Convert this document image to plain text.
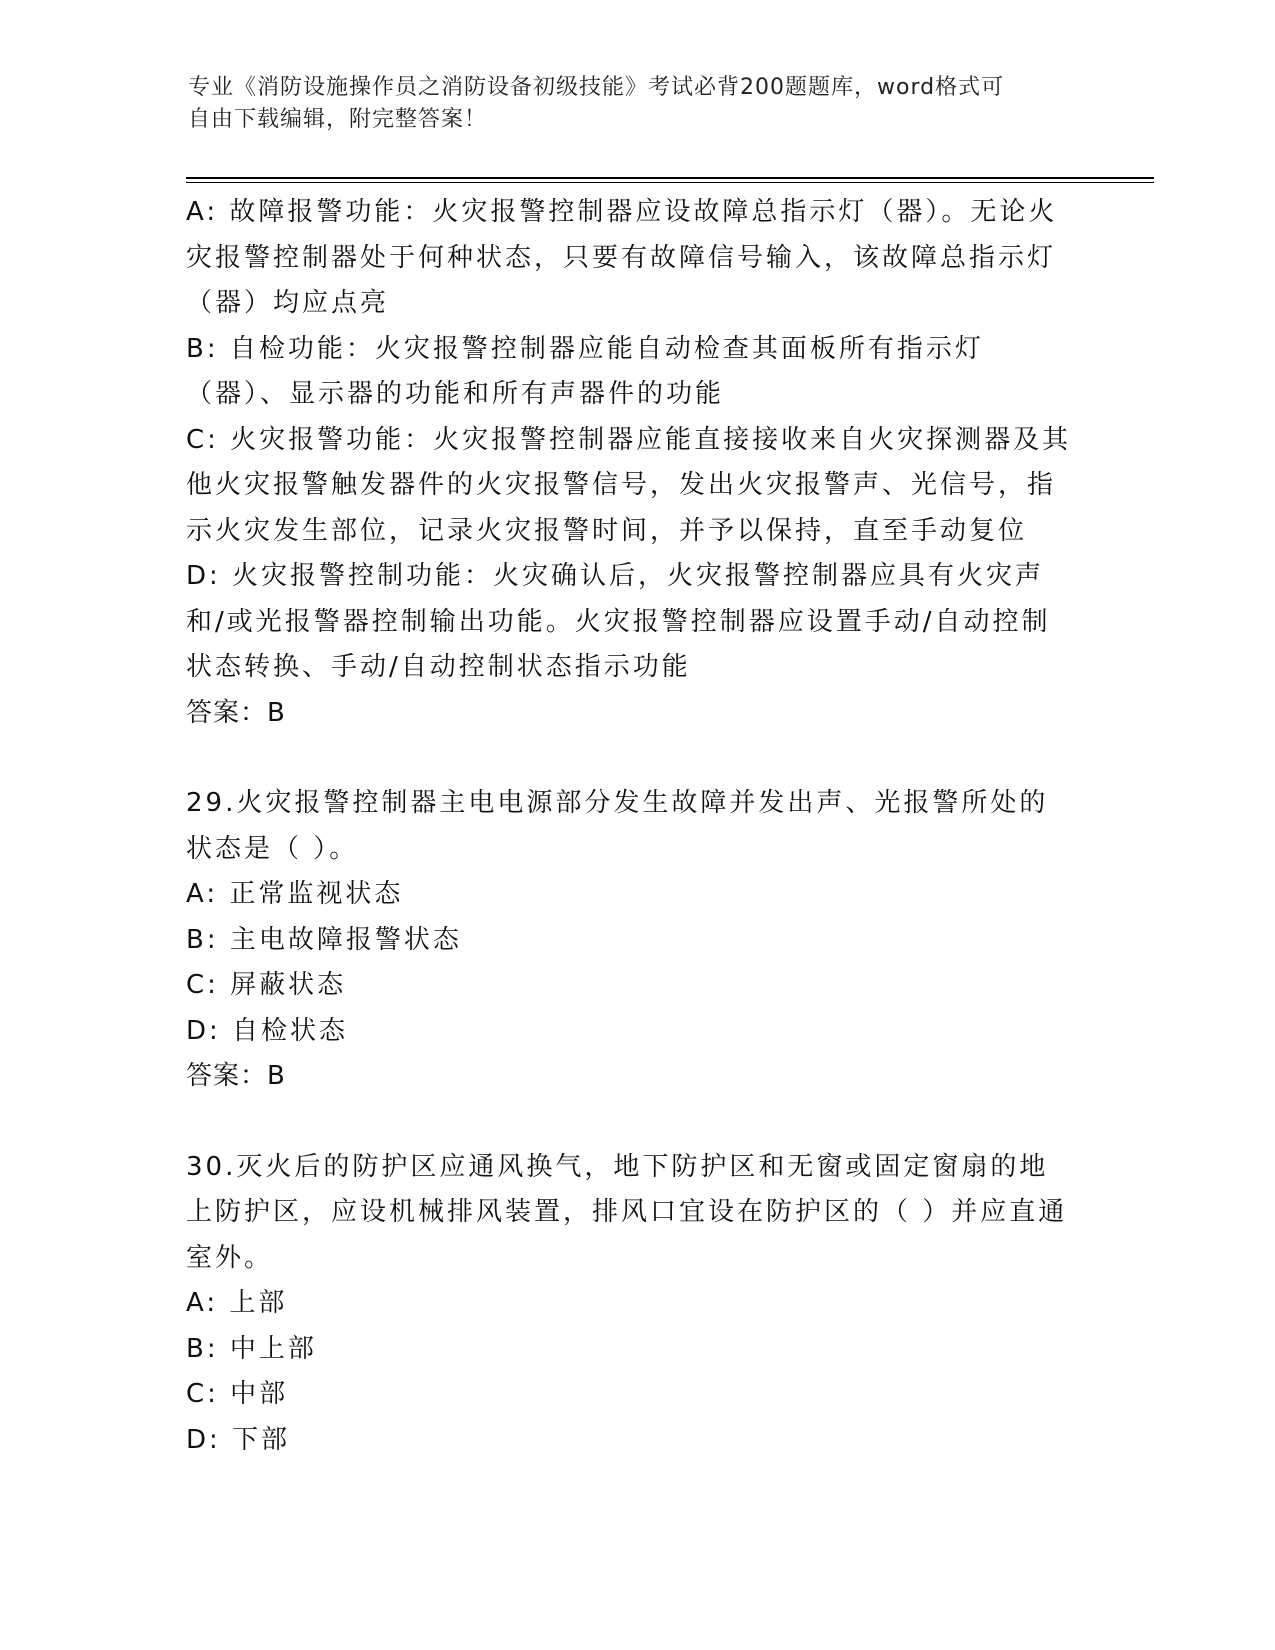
专业《消防设施操作员之消防设备初级技能》考试必背200题题库，word格式可
自由下载编辑，附完整答案！

A: 故障报警功能：火灾报警控制器应设故障总指示灯（器）。无论火灾报警控制器处于何种状态，只要有故障信号输入，该故障总指示灯（器）均应点亮

B: 自检功能：火灾报警控制器应能自动检查其面板所有指示灯（器）、显示器的功能和所有声器件的功能

C: 火灾报警功能：火灾报警控制器应能直接接收来自火灾探测器及其他火灾报警触发器件的火灾报警信号，发出火灾报警声、光信号，指示火灾发生部位，记录火灾报警时间，并予以保持，直至手动复位

D: 火灾报警控制功能：火灾确认后，火灾报警控制器应具有火灾声和/或光报警器控制输出功能。火灾报警控制器应设置手动/自动控制状态转换、手动/自动控制状态指示功能

答案：B

29.火灾报警控制器主电电源部分发生故障并发出声、光报警所处的状态是（ ）。

A: 正常监视状态

B: 主电故障报警状态

C: 屏蔽状态

D: 自检状态

答案：B

30.灭火后的防护区应通风换气，地下防护区和无窗或固定窗扇的地上防护区，应设机械排风装置，排风口宜设在防护区的（ ）并应直通室外。

A: 上部

B: 中上部

C: 中部

D: 下部
